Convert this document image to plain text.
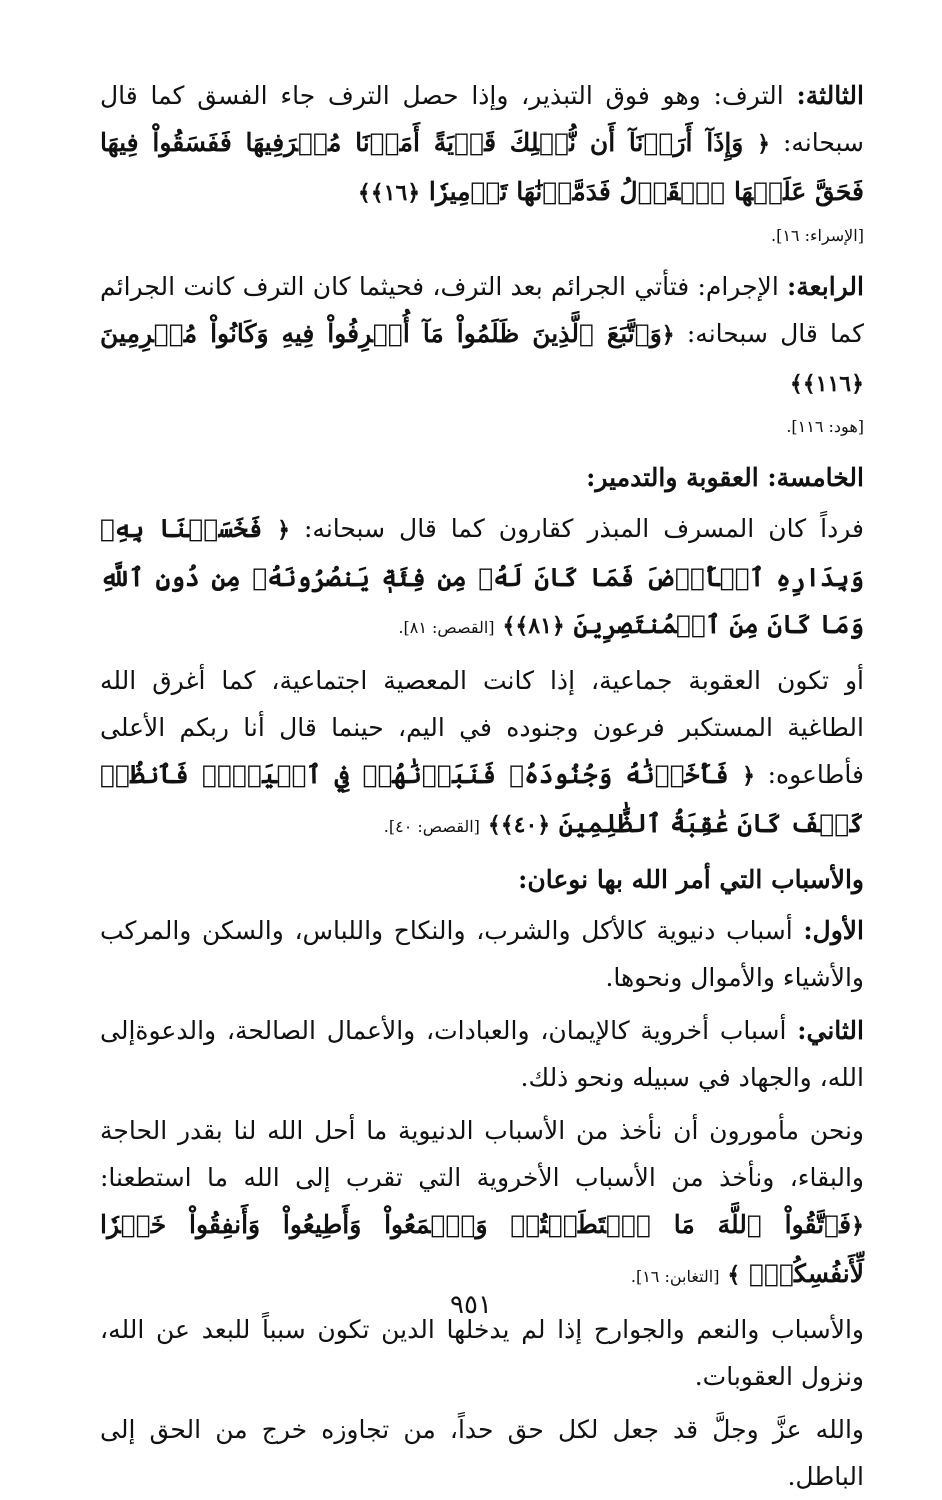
الثالثة: الترف: وهو فوق التبذير، وإذا حصل الترف جاء الفسق كما قال سبحانه: ﴿ وَإِذَآ أَرَدۡنَآ أَن نُّهۡلِكَ قَرۡيَةً أَمَرۡنَا مُتۡرَفِيهَا فَفَسَقُواْ فِيهَا فَحَقَّ عَلَيۡهَا ٱلۡقَوۡلُ فَدَمَّرۡنَٰهَا تَدۡمِيرٗا ﴿١٦﴾﴾

[الإسراء: ١٦].

الرابعة: الإجرام: فتأتي الجرائم بعد الترف، فحيثما كان الترف كانت الجرائم كما قال سبحانه: ﴿وَٱتَّبَعَ ٱلَّذِينَ ظَلَمُواْ مَآ أُتۡرِفُواْ فِيهِ وَكَانُواْ مُجۡرِمِينَ ﴿١١٦﴾﴾

[هود: ١١٦].
الخامسة: العقوبة والتدمير:

فرداً كان المسرف المبذر كقارون كما قال سبحانه: ﴿ فَخَسَفۡنَا بِهِۦ وَبِدَارِهِ ٱلۡأَرۡضَ فَمَا كَانَ لَهُۥ مِن فِئَةٖ يَنصُرُونَهُۥ مِن دُونِ ٱللَّهِ وَمَا كَانَ مِنَ ٱلۡمُنتَصِرِينَ ﴿٨١﴾﴾ [القصص: ٨١].

أو تكون العقوبة جماعية، إذا كانت المعصية اجتماعية، كما أغرق الله الطاغية المستكبر فرعون وجنوده في اليم، حينما قال أنا ربكم الأعلى فأطاعوه: ﴿ فَأَخَذۡنَٰهُ وَجُنُودَهُۥ فَنَبَذۡنَٰهُمۡ فِي ٱلۡيَمِّۖ فَٱنظُرۡ كَيۡفَ كَانَ عَٰقِبَةُ ٱلظَّٰلِمِينَ ﴿٤٠﴾﴾ [القصص: ٤٠].

والأسباب التي أمر الله بها نوعان:

الأول: أسباب دنيوية كالأكل والشرب، والنكاح واللباس، والسكن والمركب والأشياء والأموال ونحوها.

الثاني: أسباب أخروية كالإيمان، والعبادات، والأعمال الصالحة، والدعوةإلى الله، والجهاد في سبيله ونحو ذلك.

ونحن مأمورون أن نأخذ من الأسباب الدنيوية ما أحل الله لنا بقدر الحاجة والبقاء، ونأخذ من الأسباب الأخروية التي تقرب إلى الله ما استطعنا: ﴿فَٱتَّقُواْ ٱللَّهَ مَا ٱسۡتَطَعۡتُمۡ وَٱسۡمَعُواْ وَأَطِيعُواْ وَأَنفِقُواْ خَيۡرٗا لِّأَنفُسِكُمۡۗ ﴾ [التغابن: ١٦].

والأسباب والنعم والجوارح إذا لم يدخلها الدين تكون سبباً للبعد عن الله، ونزول العقوبات.

والله عزَّ وجلَّ قد جعل لكل حق حداً، من تجاوزه خرج من الحق إلى الباطل.

٩٥١
